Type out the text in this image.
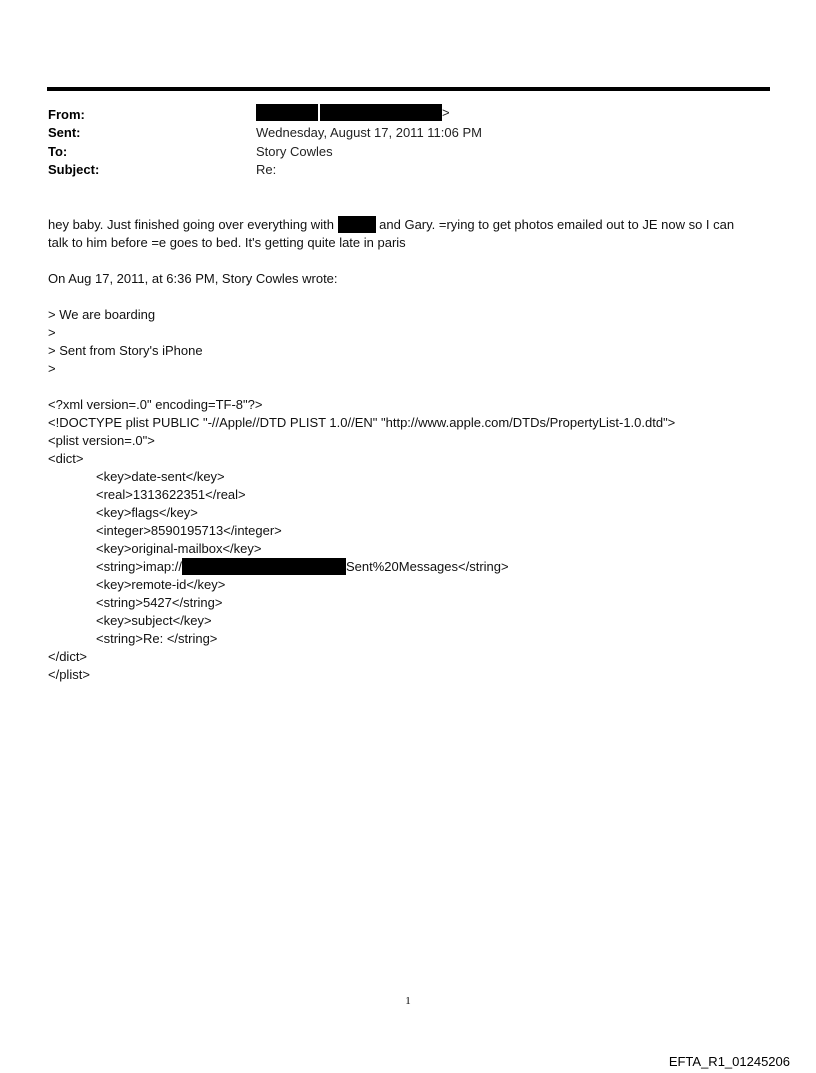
From:	>
Sent:	Wednesday, August 17, 2011 11:06 PM
To:	Story Cowles
Subject:	Re:

hey baby. Just finished going over everything with	and Gary. =rying to get photos emailed out to JE now so I can

talk to him before =e goes to bed. It's getting quite late in paris

On Aug 17, 2011, at 6:36 PM, Story Cowles wrote:

> We are boarding

>

> Sent from Story's iPhone

>

<?xml version=.0" encoding=TF-8"?>

<!DOCTYPE plist PUBLIC "-//Apple//DTD PLIST 1.0//EN" "http://www.apple.com/DTDs/PropertyList-1.0.dtd">

<plist version=.0">

<dict>

<key>date-sent</key>

<real>1313622351</real>

<key>flags</key>

<integer>8590195713</integer>

<key>original-mailbox</key>

<string>imap://	Sent%20Messages</string>

<key>remote-id</key>

<string>5427</string>

<key>subject</key>

<string>Re: </string>

</dict>

</plist>

1
EFTA_R1_01245206
